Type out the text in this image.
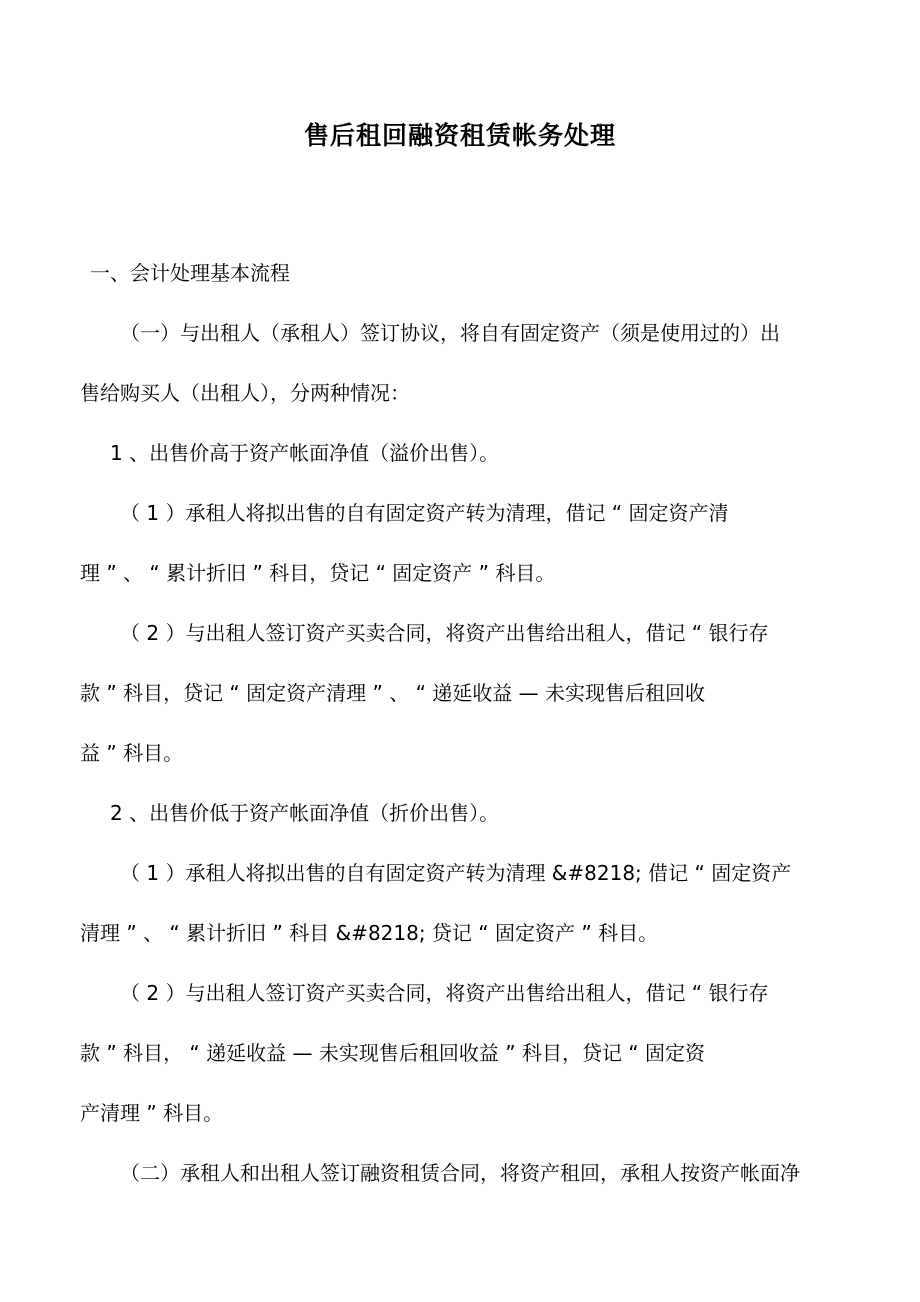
售后租回融资租赁帐务处理

一、会计处理基本流程

（一）与出租人（承租人）签订协议，将自有固定资产（须是使用过的）出

售给购买人（出租人），分两种情况：

1 、出售价高于资产帐面净值（溢价出售）。

（ 1 ）承租人将拟出售的自有固定资产转为清理，借记 “ 固定资产清

理 ” 、 “ 累计折旧 ” 科目，贷记 “ 固定资产 ” 科目。

（ 2 ）与出租人签订资产买卖合同，将资产出售给出租人，借记 “ 银行存

款 ” 科目，贷记 “ 固定资产清理 ” 、 “ 递延收益 — 未实现售后租回收

益 ” 科目。

2 、出售价低于资产帐面净值（折价出售）。

（ 1 ）承租人将拟出售的自有固定资产转为清理 &#8218; 借记 “ 固定资产

清理 ” 、 “ 累计折旧 ” 科目 &#8218; 贷记 “ 固定资产 ” 科目。

（ 2 ）与出租人签订资产买卖合同，将资产出售给出租人，借记 “ 银行存

款 ” 科目， “ 递延收益 — 未实现售后租回收益 ” 科目，贷记 “ 固定资

产清理 ” 科目。

（二）承租人和出租人签订融资租赁合同，将资产租回，承租人按资产帐面净
